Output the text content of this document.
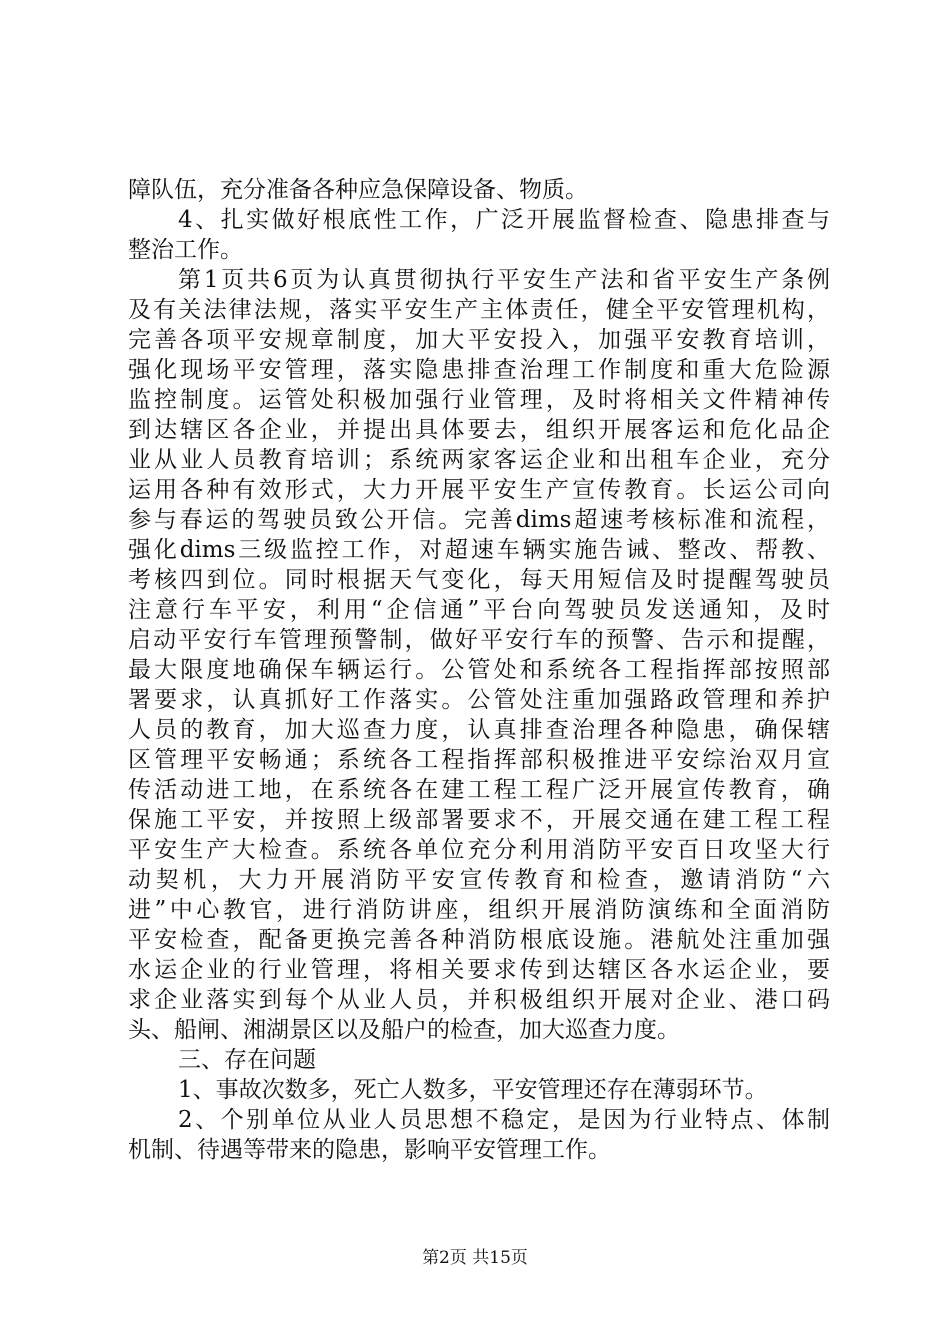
障队伍，充分准备各种应急保障设备、物质。
4、扎实做好根底性工作，广泛开展监督检查、隐患排查与
整治工作。
第1页共6页为认真贯彻执行平安生产法和省平安生产条例
及有关法律法规，落实平安生产主体责任，健全平安管理机构，
完善各项平安规章制度，加大平安投入，加强平安教育培训，
强化现场平安管理，落实隐患排查治理工作制度和重大危险源
监控制度。运管处积极加强行业管理，及时将相关文件精神传
到达辖区各企业，并提出具体要去，组织开展客运和危化品企
业从业人员教育培训；系统两家客运企业和出租车企业，充分
运用各种有效形式，大力开展平安生产宣传教育。长运公司向
参与春运的驾驶员致公开信。完善dims超速考核标准和流程，
强化dims三级监控工作，对超速车辆实施告诫、整改、帮教、
考核四到位。同时根据天气变化，每天用短信及时提醒驾驶员
注意行车平安，利用“企信通”平台向驾驶员发送通知，及时
启动平安行车管理预警制，做好平安行车的预警、告示和提醒，
最大限度地确保车辆运行。公管处和系统各工程指挥部按照部
署要求，认真抓好工作落实。公管处注重加强路政管理和养护
人员的教育，加大巡查力度，认真排查治理各种隐患，确保辖
区管理平安畅通；系统各工程指挥部积极推进平安综治双月宣
传活动进工地，在系统各在建工程工程广泛开展宣传教育，确
保施工平安，并按照上级部署要求不，开展交通在建工程工程
平安生产大检查。系统各单位充分利用消防平安百日攻坚大行
动契机，大力开展消防平安宣传教育和检查，邀请消防“六
进”中心教官，进行消防讲座，组织开展消防演练和全面消防
平安检查，配备更换完善各种消防根底设施。港航处注重加强
水运企业的行业管理，将相关要求传到达辖区各水运企业，要
求企业落实到每个从业人员，并积极组织开展对企业、港口码
头、船闸、湘湖景区以及船户的检查，加大巡查力度。
三、存在问题
1、事故次数多，死亡人数多，平安管理还存在薄弱环节。
2、个别单位从业人员思想不稳定，是因为行业特点、体制
机制、待遇等带来的隐患，影响平安管理工作。
第2页 共15页
